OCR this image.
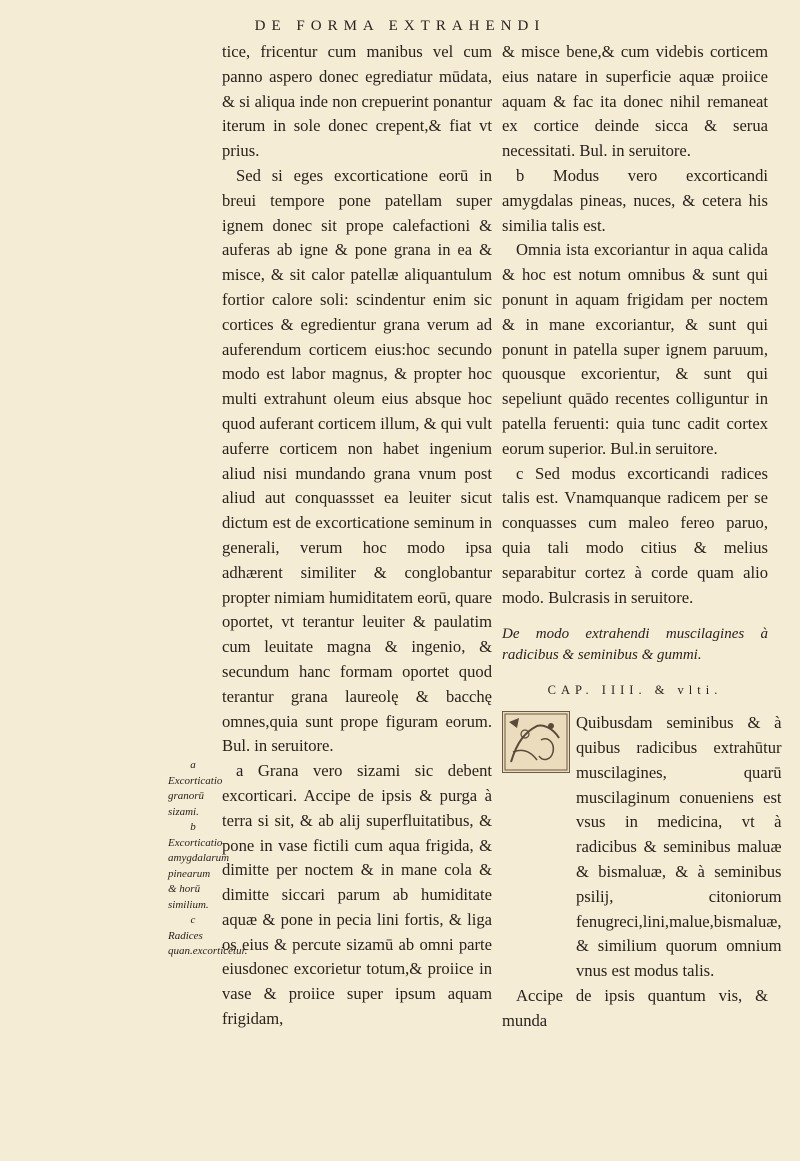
DE FORMA EXTRAHENDI

tice, fricentur cum manibus vel cum panno aspero donec egrediatur mūdata, & si aliqua inde non crepuerint ponantur iterum in sole donec crepent,& fiat vt prius.

Sed si eges excorticatione eorū in breui tempore pone patellam super ignem donec sit prope calefactioni & auferas ab igne & pone grana in ea & misce, & sit calor patellæ aliquantulum fortior calore soli: scindentur enim sic cortices & egredientur grana verum ad auferendum corticem eius:hoc secundo modo est labor magnus, & propter hoc multi extrahunt oleum eius absque hoc quod auferant corticem illum, & qui vult auferre corticem non habet ingenium aliud nisi mundando grana vnum post aliud aut conquassset ea leuiter sicut dictum est de excorticatione seminum in generali, verum hoc modo ipsa adhærent similiter & conglobantur propter nimiam humiditatem eorū, quare oportet, vt terantur leuiter & paulatim cum leuitate magna & ingenio, & secundum hanc formam oportet quod terantur grana laureolę & bacchę omnes,quia sunt prope figuram eorum. Bul. in seruitore.

a Grana vero sizami sic debent excorticari. Accipe de ipsis & purga à terra si sit, & ab alij superfluitatibus, & pone in vase fictili cum aqua frigida, & dimitte per noctem & in mane cola & dimitte siccari parum ab humiditate aquæ & pone in pecia lini fortis, & liga os eius & percute sizamū ab omni parte eiusdonec excorietur totum,& proiice in vase & proiice super ipsum aquam frigidam,

a
Excorticatio granorū sizami.
b
Excorticatio amygdalarum pinearum & horū similium.
c
Radices quan.excorticētur.

& misce bene,& cum videbis corticem eius natare in superficie aquæ proiice aquam & fac ita donec nihil remaneat ex cortice deinde sicca & serua necessitati. Bul. in seruitore.

b Modus vero excorticandi amygdalas pineas, nuces, & cetera his similia talis est.

Omnia ista excoriantur in aqua calida & hoc est notum omnibus & sunt qui ponunt in aquam frigidam per noctem & in mane excoriantur, & sunt qui ponunt in patella super ignem paruum, quousque excorientur, & sunt qui sepeliunt quādo recentes colliguntur in patella feruenti: quia tunc cadit cortex eorum superior. Bul.in seruitore.

c Sed modus excorticandi radices talis est. Vnamquanque radicem per se conquasses cum maleo fereo paruo, quia tali modo citius & melius separabitur cortez à corde quam alio modo. Bulcrasis in seruitore.

De modo extrahendi muscilagines à radicibus & seminibus & gummi.

CAP. IIII. & vlti.

Quibusdam seminibus & à quibus radicibus extrahūtur muscilagines, quarū muscilaginum conueniens est vsus in medicina, vt à radicibus & seminibus maluæ & bismaluæ, & à seminibus psilij, citoniorum fenugreci,lini,malue,bismaluæ, & similium quorum omnium vnus est modus talis.

Accipe de ipsis quantum vis, & munda
